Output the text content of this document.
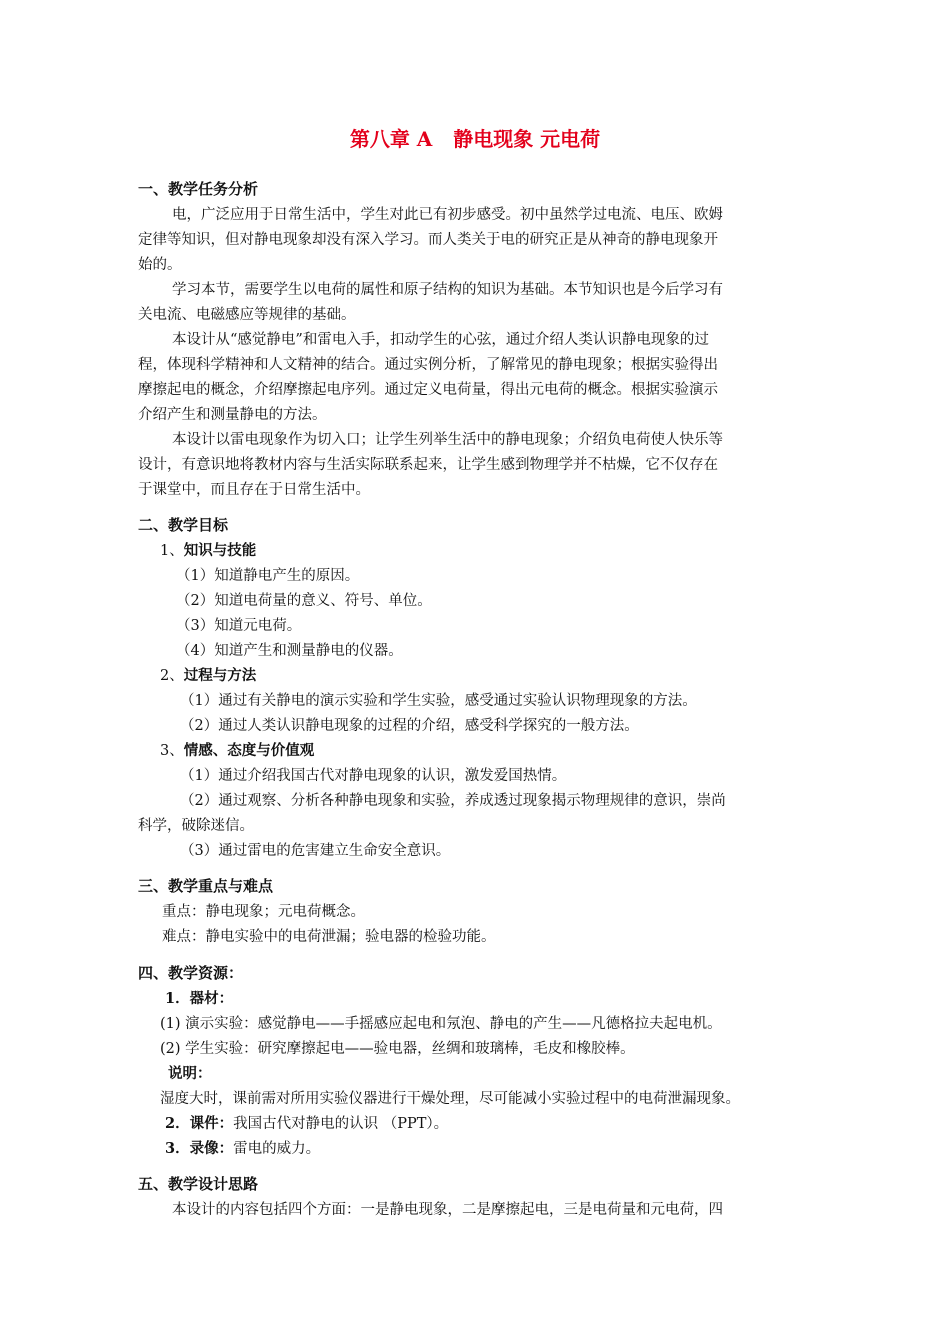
第八章 A   静电现象 元电荷
一、教学任务分析
电，广泛应用于日常生活中，学生对此已有初步感受。初中虽然学过电流、电压、欧姆
定律等知识，但对静电现象却没有深入学习。而人类关于电的研究正是从神奇的静电现象开
始的。
学习本节，需要学生以电荷的属性和原子结构的知识为基础。本节知识也是今后学习有
关电流、电磁感应等规律的基础。
本设计从“感觉静电”和雷电入手，扣动学生的心弦，通过介绍人类认识静电现象的过
程，体现科学精神和人文精神的结合。通过实例分析，了解常见的静电现象；根据实验得出
摩擦起电的概念，介绍摩擦起电序列。通过定义电荷量，得出元电荷的概念。根据实验演示
介绍产生和测量静电的方法。
本设计以雷电现象作为切入口；让学生列举生活中的静电现象；介绍负电荷使人快乐等
设计，有意识地将教材内容与生活实际联系起来，让学生感到物理学并不枯燥，它不仅存在
于课堂中，而且存在于日常生活中。
二、教学目标
1、知识与技能
（1）知道静电产生的原因。
（2）知道电荷量的意义、符号、单位。
（3）知道元电荷。
（4）知道产生和测量静电的仪器。
2、过程与方法
（1）通过有关静电的演示实验和学生实验，感受通过实验认识物理现象的方法。
（2）通过人类认识静电现象的过程的介绍，感受科学探究的一般方法。
3、情感、态度与价值观
（1）通过介绍我国古代对静电现象的认识，激发爱国热情。
（2）通过观察、分析各种静电现象和实验，养成透过现象揭示物理规律的意识，崇尚
科学，破除迷信。
（3）通过雷电的危害建立生命安全意识。
三、教学重点与难点
重点：静电现象；元电荷概念。
难点：静电实验中的电荷泄漏；验电器的检验功能。
四、教学资源：
1．器材：
(1) 演示实验：感觉静电——手摇感应起电和氖泡、静电的产生——凡德格拉夫起电机。
(2) 学生实验：研究摩擦起电——验电器，丝绸和玻璃棒，毛皮和橡胶棒。
说明：
湿度大时，课前需对所用实验仪器进行干燥处理，尽可能减小实验过程中的电荷泄漏现象。
2．课件：我国古代对静电的认识 （PPT）。
3．录像：雷电的威力。
五、教学设计思路
本设计的内容包括四个方面：一是静电现象，二是摩擦起电，三是电荷量和元电荷，四
